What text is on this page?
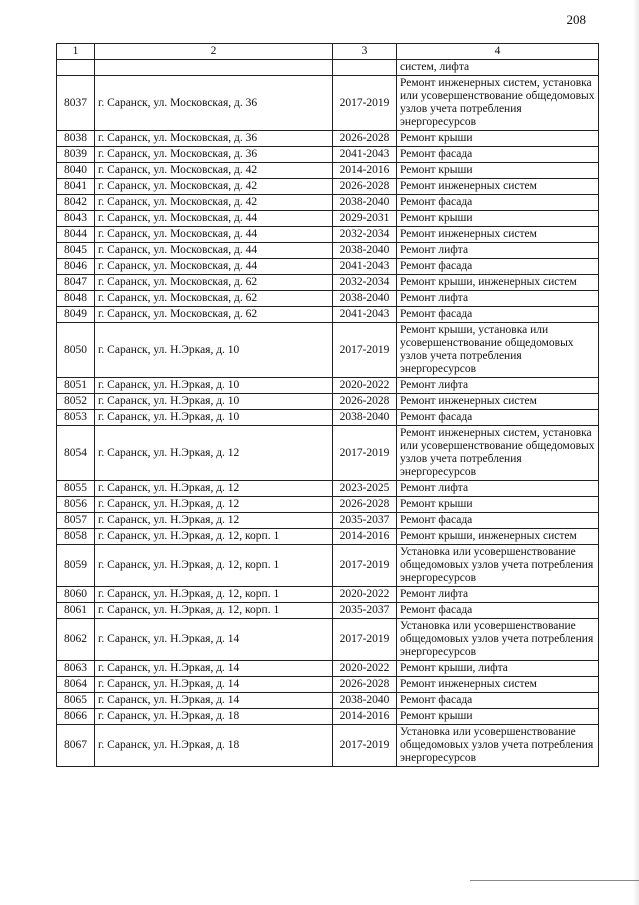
208
1	2	3	4
			систем, лифта
8037	г. Саранск, ул. Московская, д. 36	2017-2019	Ремонт инженерных систем, установка или усовершенствование общедомовых узлов учета потребления энергоресурсов
8038	г. Саранск, ул. Московская, д. 36	2026-2028	Ремонт крыши
8039	г. Саранск, ул. Московская, д. 36	2041-2043	Ремонт фасада
8040	г. Саранск, ул. Московская, д. 42	2014-2016	Ремонт крыши
8041	г. Саранск, ул. Московская, д. 42	2026-2028	Ремонт инженерных систем
8042	г. Саранск, ул. Московская, д. 42	2038-2040	Ремонт фасада
8043	г. Саранск, ул. Московская, д. 44	2029-2031	Ремонт крыши
8044	г. Саранск, ул. Московская, д. 44	2032-2034	Ремонт инженерных систем
8045	г. Саранск, ул. Московская, д. 44	2038-2040	Ремонт лифта
8046	г. Саранск, ул. Московская, д. 44	2041-2043	Ремонт фасада
8047	г. Саранск, ул. Московская, д. 62	2032-2034	Ремонт крыши, инженерных систем
8048	г. Саранск, ул. Московская, д. 62	2038-2040	Ремонт лифта
8049	г. Саранск, ул. Московская, д. 62	2041-2043	Ремонт фасада
8050	г. Саранск, ул. Н.Эркая, д. 10	2017-2019	Ремонт крыши, установка или усовершенствование общедомовых узлов учета потребления энергоресурсов
8051	г. Саранск, ул. Н.Эркая, д. 10	2020-2022	Ремонт лифта
8052	г. Саранск, ул. Н.Эркая, д. 10	2026-2028	Ремонт инженерных систем
8053	г. Саранск, ул. Н.Эркая, д. 10	2038-2040	Ремонт фасада
8054	г. Саранск, ул. Н.Эркая, д. 12	2017-2019	Ремонт инженерных систем, установка или усовершенствование общедомовых узлов учета потребления энергоресурсов
8055	г. Саранск, ул. Н.Эркая, д. 12	2023-2025	Ремонт лифта
8056	г. Саранск, ул. Н.Эркая, д. 12	2026-2028	Ремонт крыши
8057	г. Саранск, ул. Н.Эркая, д. 12	2035-2037	Ремонт фасада
8058	г. Саранск, ул. Н.Эркая, д. 12, корп. 1	2014-2016	Ремонт крыши, инженерных систем
8059	г. Саранск, ул. Н.Эркая, д. 12, корп. 1	2017-2019	Установка или усовершенствование общедомовых узлов учета потребления энергоресурсов
8060	г. Саранск, ул. Н.Эркая, д. 12, корп. 1	2020-2022	Ремонт лифта
8061	г. Саранск, ул. Н.Эркая, д. 12, корп. 1	2035-2037	Ремонт фасада
8062	г. Саранск, ул. Н.Эркая, д. 14	2017-2019	Установка или усовершенствование общедомовых узлов учета потребления энергоресурсов
8063	г. Саранск, ул. Н.Эркая, д. 14	2020-2022	Ремонт крыши, лифта
8064	г. Саранск, ул. Н.Эркая, д. 14	2026-2028	Ремонт инженерных систем
8065	г. Саранск, ул. Н.Эркая, д. 14	2038-2040	Ремонт фасада
8066	г. Саранск, ул. Н.Эркая, д. 18	2014-2016	Ремонт крыши
8067	г. Саранск, ул. Н.Эркая, д. 18	2017-2019	Установка или усовершенствование общедомовых узлов учета потребления энергоресурсов
